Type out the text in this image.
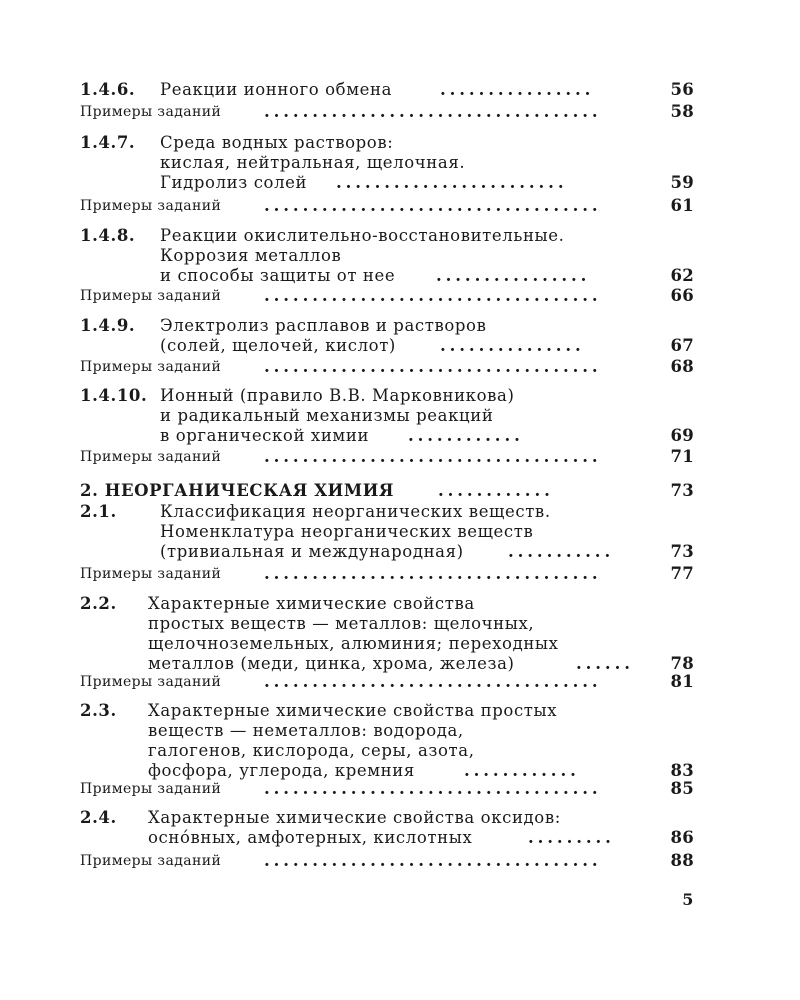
1.4.6. Реакции ионного обмена	................	56
Примеры заданий	...................................	58
1.4.7. Среда водных растворов:
кислая, нейтральная, щелочная.
Гидролиз солей	........................	59
Примеры заданий	...................................	61
1.4.8. Реакции окислительно-восстановительные.
Коррозия металлов
и способы защиты от нее	................	62
Примеры заданий	...................................	66
1.4.9. Электролиз расплавов и растворов
(солей, щелочей, кислот)	...............	67
Примеры заданий	...................................	68
1.4.10. Ионный (правило В.В. Марковникова)
и радикальный механизмы реакций
в органической химии	............	69
Примеры заданий	...................................	71
2. НЕОРГАНИЧЕСКАЯ ХИМИЯ	............	73
2.1.	Классификация неорганических веществ.
Номенклатура неорганических веществ
(тривиальная и международная)	...........	73
Примеры заданий	...................................	77
2.2. Характерные химические свойства
простых веществ — металлов: щелочных,
щелочноземельных, алюминия; переходных
металлов (меди, цинка, хрома, железа)	......	78
Примеры заданий	...................................	81
2.3. Характерные химические свойства простых
веществ — неметаллов: водорода,
галогенов, кислорода, серы, азота,
фосфора, углерода, кремния	............	83
Примеры заданий	...................................	85
2.4. Характерные химические свойства оксидов:
осно́вных, амфотерных, кислотных	.........	86
Примеры заданий	...................................	88
5
